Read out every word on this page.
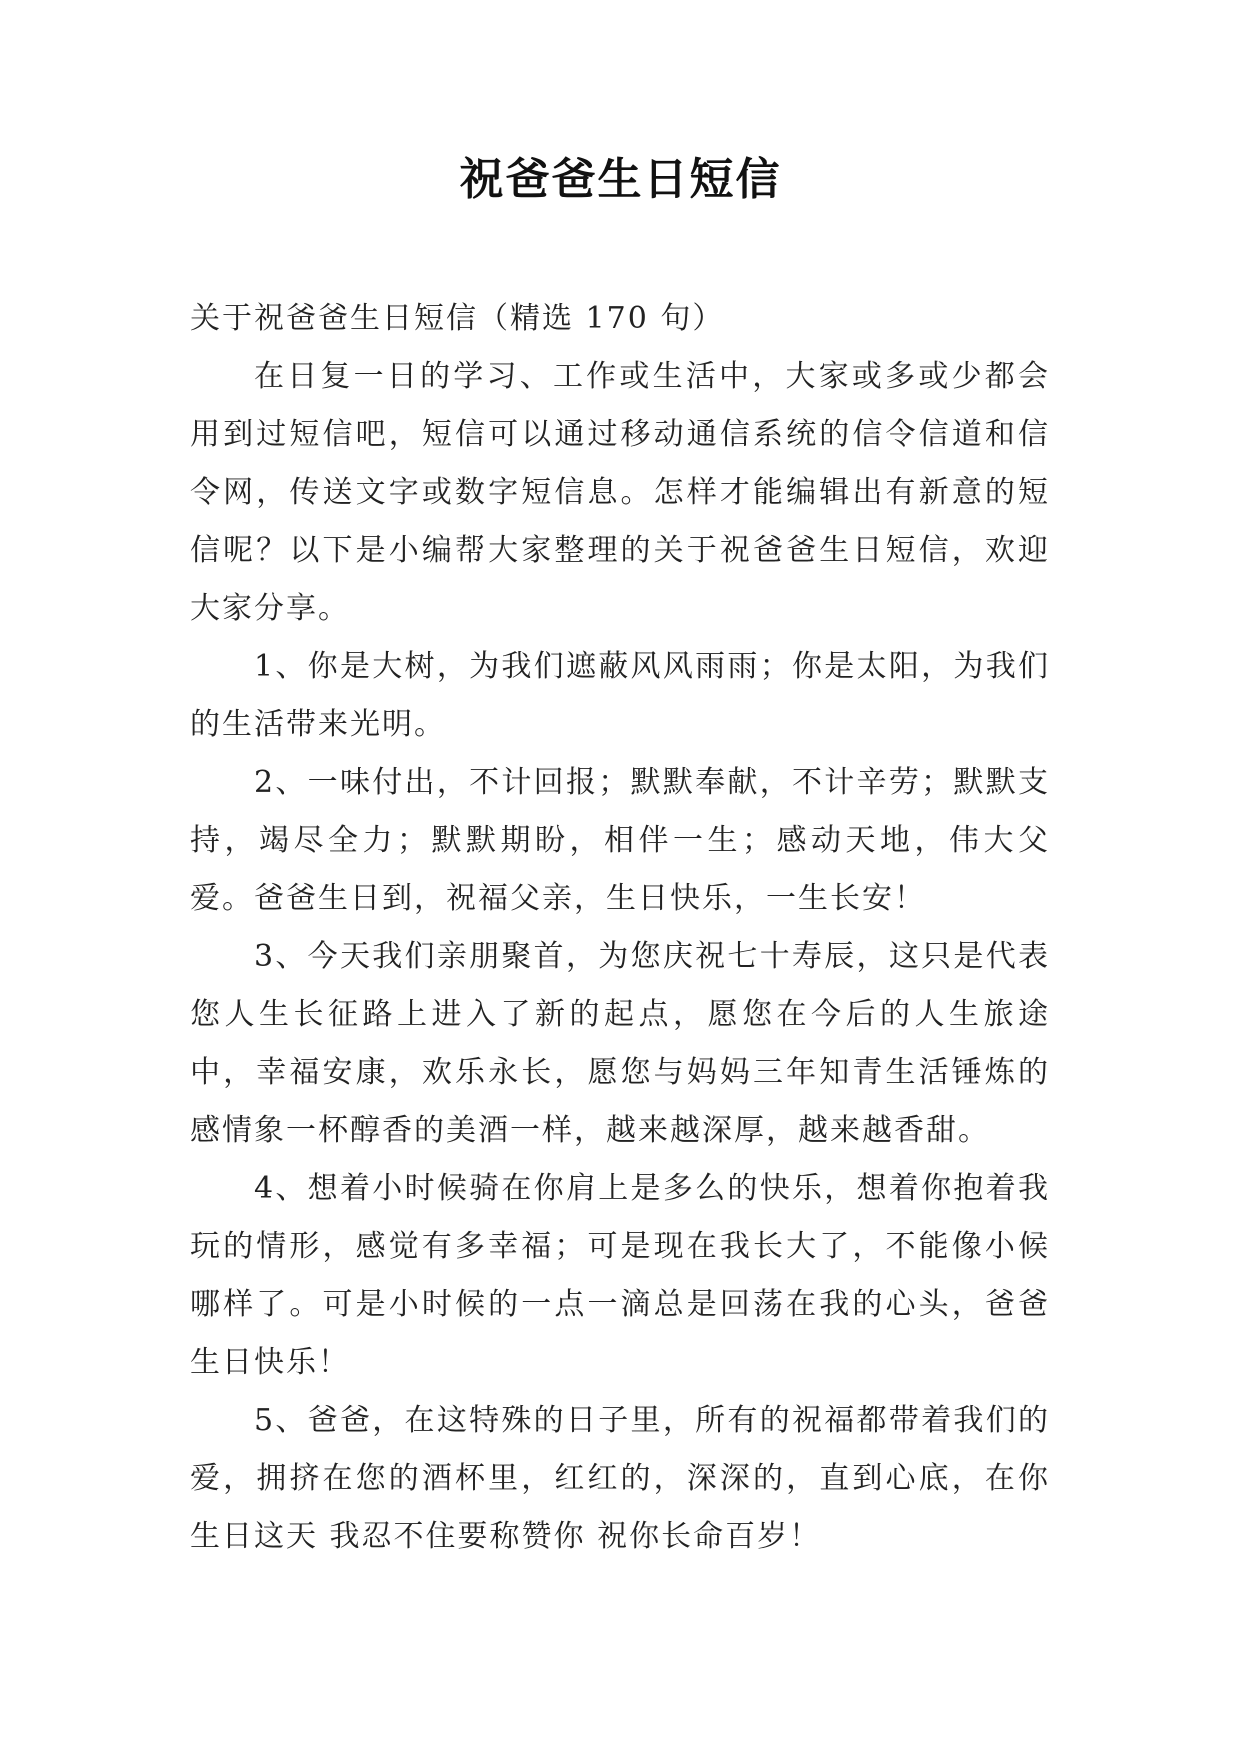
祝爸爸生日短信

关于祝爸爸生日短信（精选 170 句）

在日复一日的学习、工作或生活中，大家或多或少都会用到过短信吧，短信可以通过移动通信系统的信令信道和信令网，传送文字或数字短信息。怎样才能编辑出有新意的短信呢？以下是小编帮大家整理的关于祝爸爸生日短信，欢迎大家分享。

1、你是大树，为我们遮蔽风风雨雨；你是太阳，为我们的生活带来光明。

2、一味付出，不计回报；默默奉献，不计辛劳；默默支持，竭尽全力；默默期盼，相伴一生；感动天地，伟大父爱。爸爸生日到，祝福父亲，生日快乐，一生长安！

3、今天我们亲朋聚首，为您庆祝七十寿辰，这只是代表您人生长征路上进入了新的起点，愿您在今后的人生旅途中，幸福安康，欢乐永长，愿您与妈妈三年知青生活锤炼的感情象一杯醇香的美酒一样，越来越深厚，越来越香甜。

4、想着小时候骑在你肩上是多么的快乐，想着你抱着我玩的情形，感觉有多幸福；可是现在我长大了，不能像小候哪样了。可是小时候的一点一滴总是回荡在我的心头，爸爸生日快乐！

5、爸爸，在这特殊的日子里，所有的祝福都带着我们的爱，拥挤在您的酒杯里，红红的，深深的，直到心底，在你生日这天 我忍不住要称赞你 祝你长命百岁！
